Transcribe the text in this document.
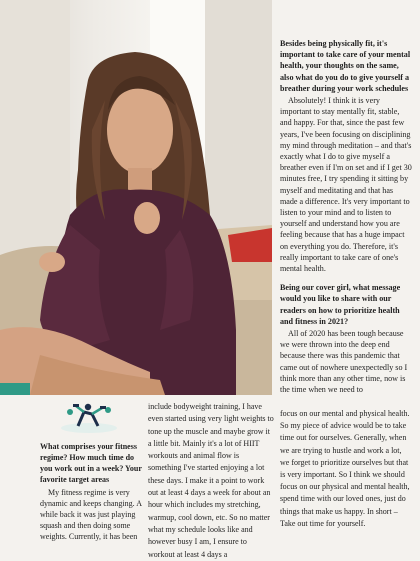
Besides being physically fit, it's important to take care of your mental health, your thoughts on the same, also what do you do to give yourself a breather during your work schedules

Absolutely! I think it is very important to stay mentally fit, stable, and happy. For that, since the past few years, I've been focusing on disciplining my mind through meditation – and that's exactly what I do to give myself a breather even if I'm on set and if I get 30 minutes free, I try spending it sitting by myself and meditating and that has made a difference. It's very important to listen to your mind and to listen to yourself and understand how you are feeling because that has a huge impact on everything you do. Therefore, it's really important to take care of one's mental health.

Being our cover girl, what message would you like to share with our readers on how to prioritize health and fitness in 2021?

All of 2020 has been tough because we were thrown into the deep end because there was this pandemic that came out of nowhere unexpectedly so I think more than any other time, now is the time when we need to

What comprises your fitness regime? How much time do you work out in a week? Your favorite target areas

My fitness regime is very dynamic and keeps changing. A while back it was just playing squash and then doing some weights. Currently, it has been

include bodyweight training, I have even started using very light weights to tone up the muscle and maybe grow it a little bit. Mainly it's a lot of HIIT workouts and animal flow is something I've started enjoying a lot these days. I make it a point to work out at least 4 days a week for about an hour which includes my stretching, warmup, cool down, etc. So no matter what my schedule looks like and however busy I am, I ensure to workout at least 4 days a

focus on our mental and physical health. So my piece of advice would be to take time out for ourselves. Generally, when we are trying to hustle and work a lot, we forget to prioritize ourselves but that is very important. So I think we should focus on our physical and mental health, spend time with our loved ones, just do things that make us happy. In short – Take out time for yourself.
